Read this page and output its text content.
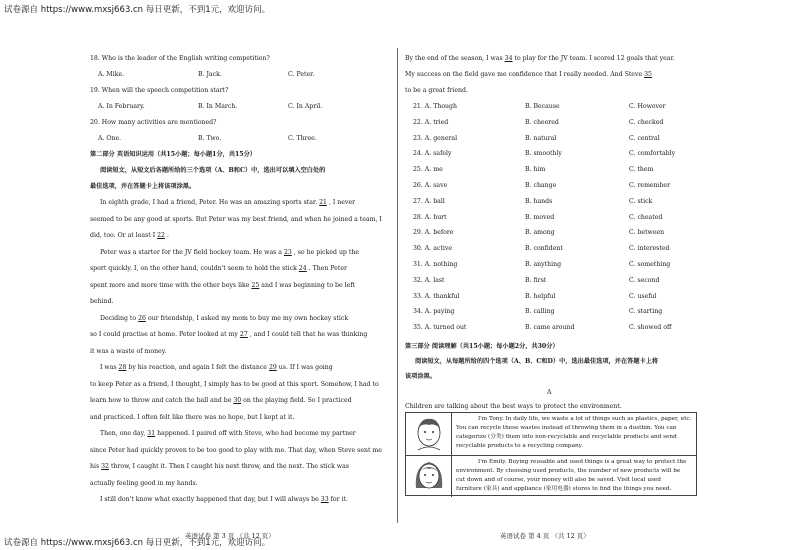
试卷源自 https://www.mxsj663.cn 每日更新，不到1元，欢迎访问。
18. Who is the leader of the English writing competition?
A. Mike.	B. Jack.	C. Peter.
19. When will the speech competition start?
A. In February.	B. In March.	C. In April.
20. How many activities are mentioned?
A. One.	B. Two.	C. Three.
第二部分 英语知识运用（共15小题；每小题1分，共15分）
阅读短文，从短文后各题所给的三个选项（A、B和C）中，选出可以填入空白处的
最佳选项，并在答题卡上将该项涂黑。
In eighth grade, I had a friend, Peter. He was an amazing sports star. 21 , I never
seemed to be any good at sports. But Peter was my best friend, and when he joined a team, I
did, too. Or at least I 22 .
Peter was a starter for the JV field hockey team. He was a 23 , so he picked up the
sport quickly. I, on the other hand, couldn't seem to hold the stick 24 . Then Peter
spent more and more time with the other boys like 25 and I was beginning to be left
behind.
Deciding to 26 our friendship, I asked my mom to buy me my own hockey stick
so I could practise at home. Peter looked at my 27 , and I could tell that he was thinking
it was a waste of money.
I was 28 by his reaction, and again I felt the distance 29 us. If I was going
to keep Peter as a friend, I thought, I simply has to be good at this sport. Somehow, I had to
learn how to throw and catch the ball and be 30 on the playing field. So I practiced
and practiced. I often felt like there was no hope, but I kept at it.
Then, one day, 31 happened. I paired off with Steve, who had become my partner
since Peter had quickly proven to be too good to play with me. That day, when Steve sent me
his 32 throw, I caught it. Then I caught his next throw, and the next. The stick was
actually feeling good in my hands.
I still don't know what exactly happened that day, but I will always be 33 for it.
英语试卷 第 3 页 （共 12 页）
By the end of the season, I was 34 to play for the JV team. I scored 12 goals that year.
My success on the field gave me confidence that I really needed. And Steve 35
to be a great friend.
21. A. Though	B. Because	C. However
22. A. tried	B. cheered	C. checked
23. A. general	B. natural	C. central
24. A. safely	B. smoothly	C. comfortably
25. A. me	B. him	C. them
26. A. save	B. change	C. remember
27. A. ball	B. hands	C. stick
28. A. hurt	B. moved	C. cheated
29. A. before	B. among	C. between
30. A. active	B. confident	C. interested
31. A. nothing	B. anything	C. something
32. A. last	B. first	C. second
33. A. thankful	B. helpful	C. useful
34. A. paying	B. calling	C. starting
35. A. turned out	B. came around	C. showed off
第三部分 阅读理解（共15小题；每小题2分，共30分）
阅读短文，从每题所给的四个选项（A、B、C和D）中，选出最佳选项，并在答题卡上将
该项涂黑。
A
Children are talking about the best ways to protect the environment.
I'm Tony. In daily life, we waste a lot of things such as plastics, paper, etc.
You can recycle these wastes instead of throwing them in a dustbin. You can
categorize (分类) them into non-recyclable and recyclable products and send
recyclable products to a recycling company.
I'm Emily. Buying reusable and used things is a great way to protect the
environment. By choosing used products, the number of new products will be
cut down and of course, your money will also be saved. Visit local used
furniture (家具) and appliance (家用电器) stores to find the things you need.
英语试卷 第 4 页 （共 12 页）
试卷源自 https://www.mxsj663.cn 每日更新，不到1元，欢迎访问。
